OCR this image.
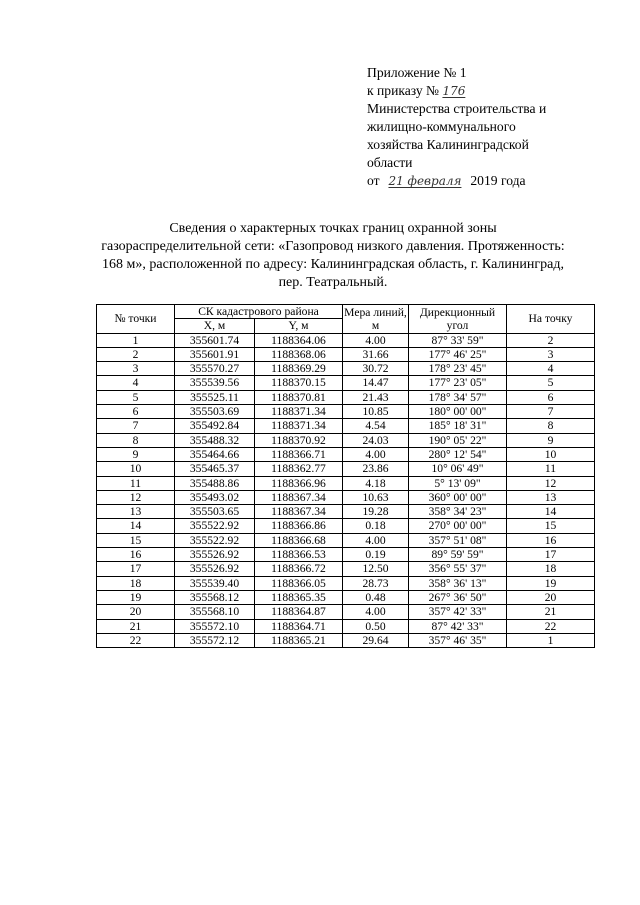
Приложение № 1
к приказу № 176
Министерства строительства и
жилищно-коммунального
хозяйства Калининградской
области
от 21 февраля 2019 года
Сведения о характерных точках границ охранной зоны
газораспределительной сети: «Газопровод низкого давления. Протяженность:
168 м», расположенной по адресу: Калининградская область, г. Калининград,
пер. Театральный.
№ точки	СК кадастрового района		Мера линий, м	Дирекционный угол	На точку
	X, м	Y, м			
1	355601.74	1188364.06	4.00	87° 33' 59"	2
2	355601.91	1188368.06	31.66	177° 46' 25"	3
3	355570.27	1188369.29	30.72	178° 23' 45"	4
4	355539.56	1188370.15	14.47	177° 23' 05"	5
5	355525.11	1188370.81	21.43	178° 34' 57"	6
6	355503.69	1188371.34	10.85	180° 00' 00"	7
7	355492.84	1188371.34	4.54	185° 18' 31"	8
8	355488.32	1188370.92	24.03	190° 05' 22"	9
9	355464.66	1188366.71	4.00	280° 12' 54"	10
10	355465.37	1188362.77	23.86	10° 06' 49"	11
11	355488.86	1188366.96	4.18	5° 13' 09"	12
12	355493.02	1188367.34	10.63	360° 00' 00"	13
13	355503.65	1188367.34	19.28	358° 34' 23"	14
14	355522.92	1188366.86	0.18	270° 00' 00"	15
15	355522.92	1188366.68	4.00	357° 51' 08"	16
16	355526.92	1188366.53	0.19	89° 59' 59"	17
17	355526.92	1188366.72	12.50	356° 55' 37"	18
18	355539.40	1188366.05	28.73	358° 36' 13"	19
19	355568.12	1188365.35	0.48	267° 36' 50"	20
20	355568.10	1188364.87	4.00	357° 42' 33"	21
21	355572.10	1188364.71	0.50	87° 42' 33"	22
22	355572.12	1188365.21	29.64	357° 46' 35"	1
